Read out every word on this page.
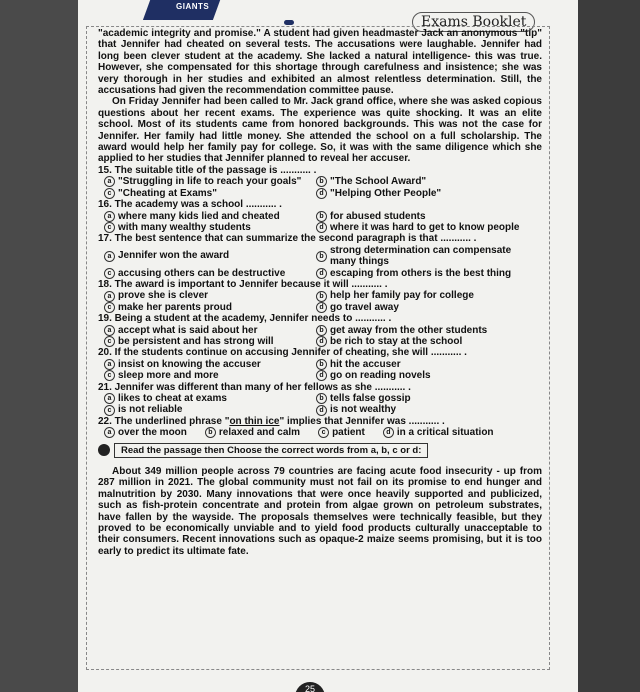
GIANTS
Exams Booklet

"academic integrity and promise." A student had given headmaster Jack an anonymous "tip" that Jennifer had cheated on several tests. The accusations were laughable. Jennifer had long been clever student at the academy. She lacked a natural intelligence- this was true. However, she compensated for this shortage through carefulness and insistence; she was very thorough in her studies and exhibited an almost relentless determination. Still, the accusations had given the recommendation committee pause.

On Friday Jennifer had been called to Mr. Jack grand office, where she was asked copious questions about her recent exams. The experience was quite shocking. It was an elite school. Most of its students came from honored backgrounds. This was not the case for Jennifer. Her family had little money. She attended the school on a full scholarship. The award would help her family pay for college. So, it was with the same diligence which she applied to her studies that Jennifer planned to reveal her accuser.

15. The suitable title of the passage is ........... .
a "Struggling in life to reach your goals"	b "The School Award"
c "Cheating at Exams"	d "Helping Other People"
16. The academy was a school ........... .
a where many kids lied and cheated	b for abused students
c with many wealthy students	d where it was hard to get to know people
17. The best sentence that can summarize the second paragraph is that ........... .
a Jennifer won the award	b
strong determination can compensate many things
c accusing others can be destructive	d escaping from others is the best thing
18. The award is important to Jennifer because it will ........... .
a prove she is clever	b help her family pay for college
c make her parents proud	d go travel away
19. Being a student at the academy, Jennifer needs to ........... .
a accept what is said about her	b get away from the other students
c be persistent and has strong will	d be rich to stay at the school
20. If the students continue on accusing Jennifer of cheating, she will ........... .
a insist on knowing the accuser	b hit the accuser
c sleep more and more	d go on reading novels
21. Jennifer was different than many of her fellows as she ........... .
a likes to cheat at exams	b tells false gossip
c is not reliable	d is not wealthy
22. The underlined phrase "on thin ice" implies that Jennifer was ........... .
a over the moon	b relaxed and calm	c patient	d in a critical situation
Read the passage then Choose the correct words from a, b, c or d:

About 349 million people across 79 countries are facing acute food insecurity - up from 287 million in 2021. The global community must not fail on its promise to end hunger and malnutrition by 2030. Many innovations that were once heavily supported and publicized, such as fish-protein concentrate and protein from algae grown on petroleum substrates, have fallen by the wayside. The proposals themselves were technically feasible, but they proved to be economically unviable and to yield food products culturally unacceptable to their consumers. Recent innovations such as opaque-2 maize seems promising, but it is too early to predict its ultimate fate.

25
